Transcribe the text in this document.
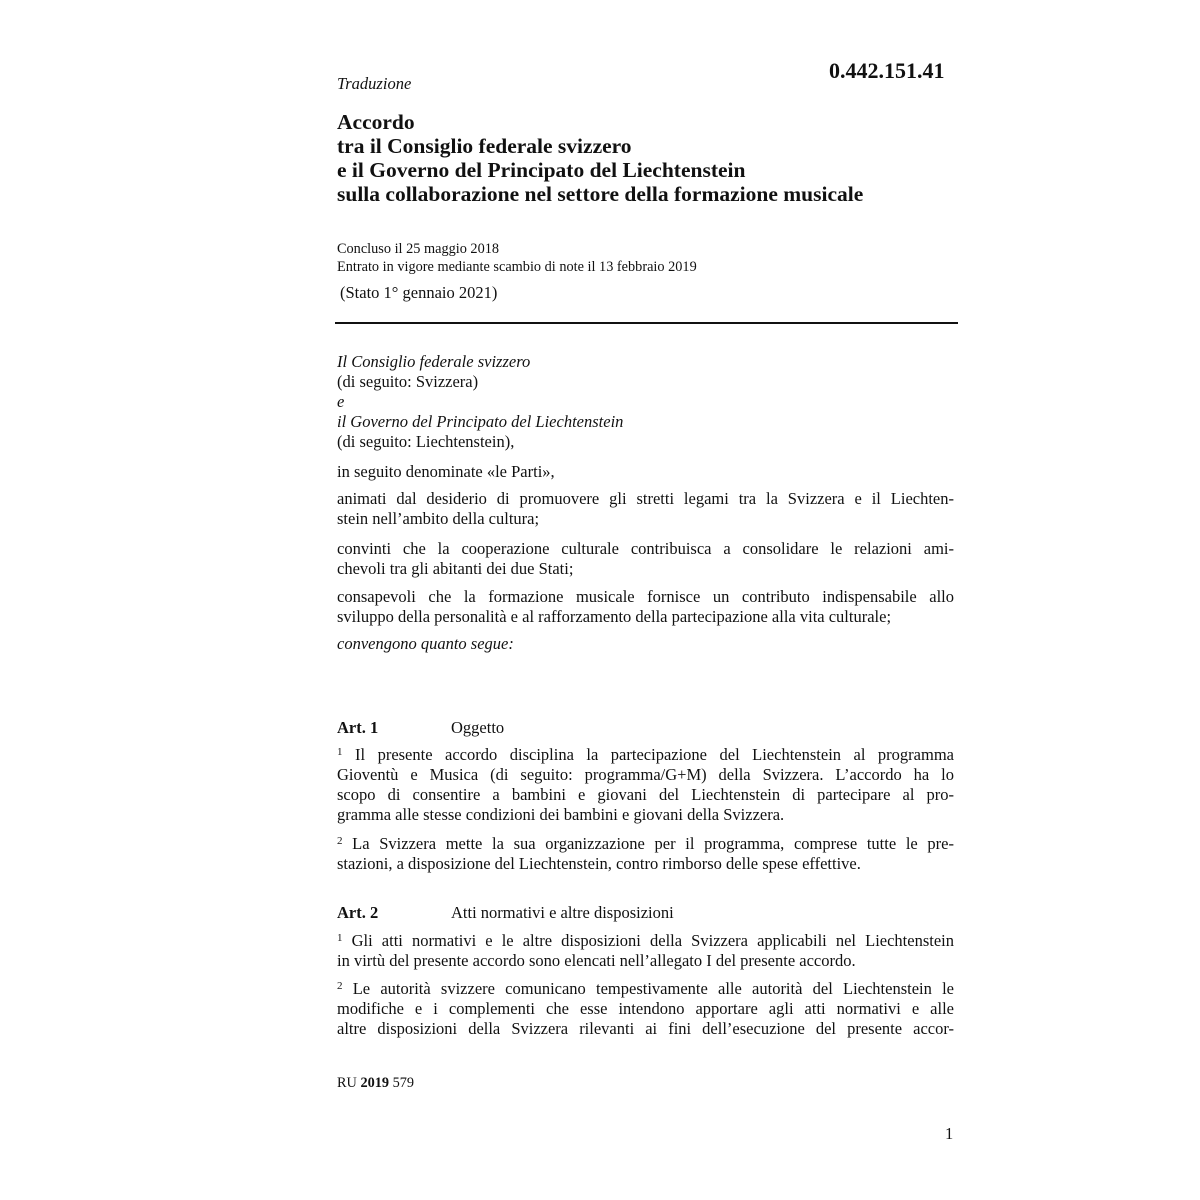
0.442.151.41
Traduzione
Accordo
tra il Consiglio federale svizzero
e il Governo del Principato del Liechtenstein
sulla collaborazione nel settore della formazione musicale
Concluso il 25 maggio 2018
Entrato in vigore mediante scambio di note il 13 febbraio 2019
(Stato 1° gennaio 2021)
Il Consiglio federale svizzero
(di seguito: Svizzera)
e
il Governo del Principato del Liechtenstein
(di seguito: Liechtenstein),
in seguito denominate «le Parti»,
animati dal desiderio di promuovere gli stretti legami tra la Svizzera e il Liechten-
stein nell’ambito della cultura;
convinti che la cooperazione culturale contribuisca a consolidare le relazioni ami-
chevoli tra gli abitanti dei due Stati;
consapevoli che la formazione musicale fornisce un contributo indispensabile allo
sviluppo della personalità e al rafforzamento della partecipazione alla vita culturale;
convengono quanto segue:
Art. 1	Oggetto
$^1$ Il presente accordo disciplina la partecipazione del Liechtenstein al programma
Gioventù e Musica (di seguito: programma/G+M) della Svizzera. L’accordo ha lo
scopo di consentire a bambini e giovani del Liechtenstein di partecipare al pro-
gramma alle stesse condizioni dei bambini e giovani della Svizzera.
$^2$ La Svizzera mette la sua organizzazione per il programma, comprese tutte le pre-
stazioni, a disposizione del Liechtenstein, contro rimborso delle spese effettive.
Art. 2	Atti normativi e altre disposizioni
$^1$ Gli atti normativi e le altre disposizioni della Svizzera applicabili nel Liechtenstein
in virtù del presente accordo sono elencati nell’allegato I del presente accordo.
$^2$ Le autorità svizzere comunicano tempestivamente alle autorità del Liechtenstein le
modifiche e i complementi che esse intendono apportare agli atti normativi e alle
altre disposizioni della Svizzera rilevanti ai fini dell’esecuzione del presente accor-
RU 2019 579
1
